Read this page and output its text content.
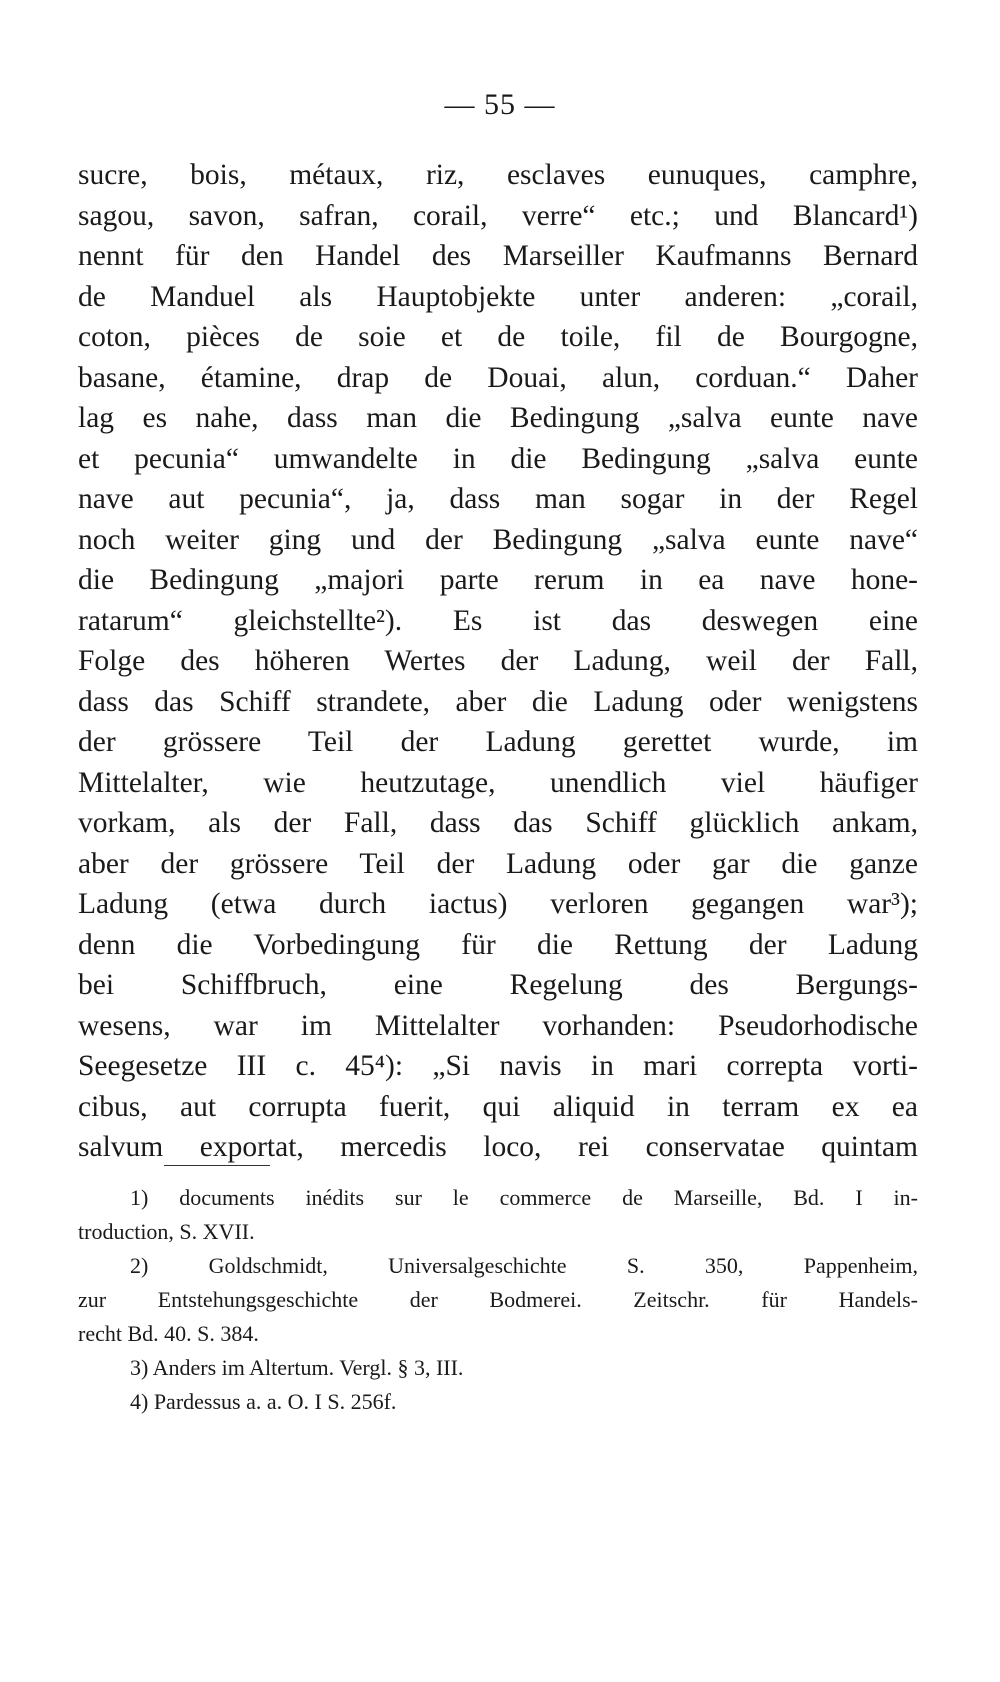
— 55 —
sucre, bois, métaux, riz, esclaves eunuques, camphre,
sagou, savon, safran, corail, verre“ etc.; und Blancard¹)
nennt für den Handel des Marseiller Kaufmanns Bernard
de Manduel als Hauptobjekte unter anderen: „corail,
coton, pièces de soie et de toile, fil de Bourgogne,
basane, étamine, drap de Douai, alun, corduan.“ Daher
lag es nahe, dass man die Bedingung „salva eunte nave
et pecunia“ umwandelte in die Bedingung „salva eunte
nave aut pecunia“, ja, dass man sogar in der Regel
noch weiter ging und der Bedingung „salva eunte nave“
die Bedingung „majori parte rerum in ea nave hone-
ratarum“ gleichstellte²). Es ist das deswegen eine
Folge des höheren Wertes der Ladung, weil der Fall,
dass das Schiff strandete, aber die Ladung oder wenigstens
der grössere Teil der Ladung gerettet wurde, im
Mittelalter, wie heutzutage, unendlich viel häufiger
vorkam, als der Fall, dass das Schiff glücklich ankam,
aber der grössere Teil der Ladung oder gar die ganze
Ladung (etwa durch iactus) verloren gegangen war³);
denn die Vorbedingung für die Rettung der Ladung
bei Schiffbruch, eine Regelung des Bergungs-
wesens, war im Mittelalter vorhanden: Pseudorhodische
Seegesetze III c. 45⁴): „Si navis in mari correpta vorti-
cibus, aut corrupta fuerit, qui aliquid in terram ex ea
salvum exportat, mercedis loco, rei conservatae quintam
1) documents inédits sur le commerce de Marseille, Bd. I in-
troduction, S. XVII.
2) Goldschmidt, Universalgeschichte S. 350, Pappenheim,
zur Entstehungsgeschichte der Bodmerei. Zeitschr. für Handels-
recht Bd. 40. S. 384.
3) Anders im Altertum. Vergl. § 3, III.
4) Pardessus a. a. O. I S. 256f.
